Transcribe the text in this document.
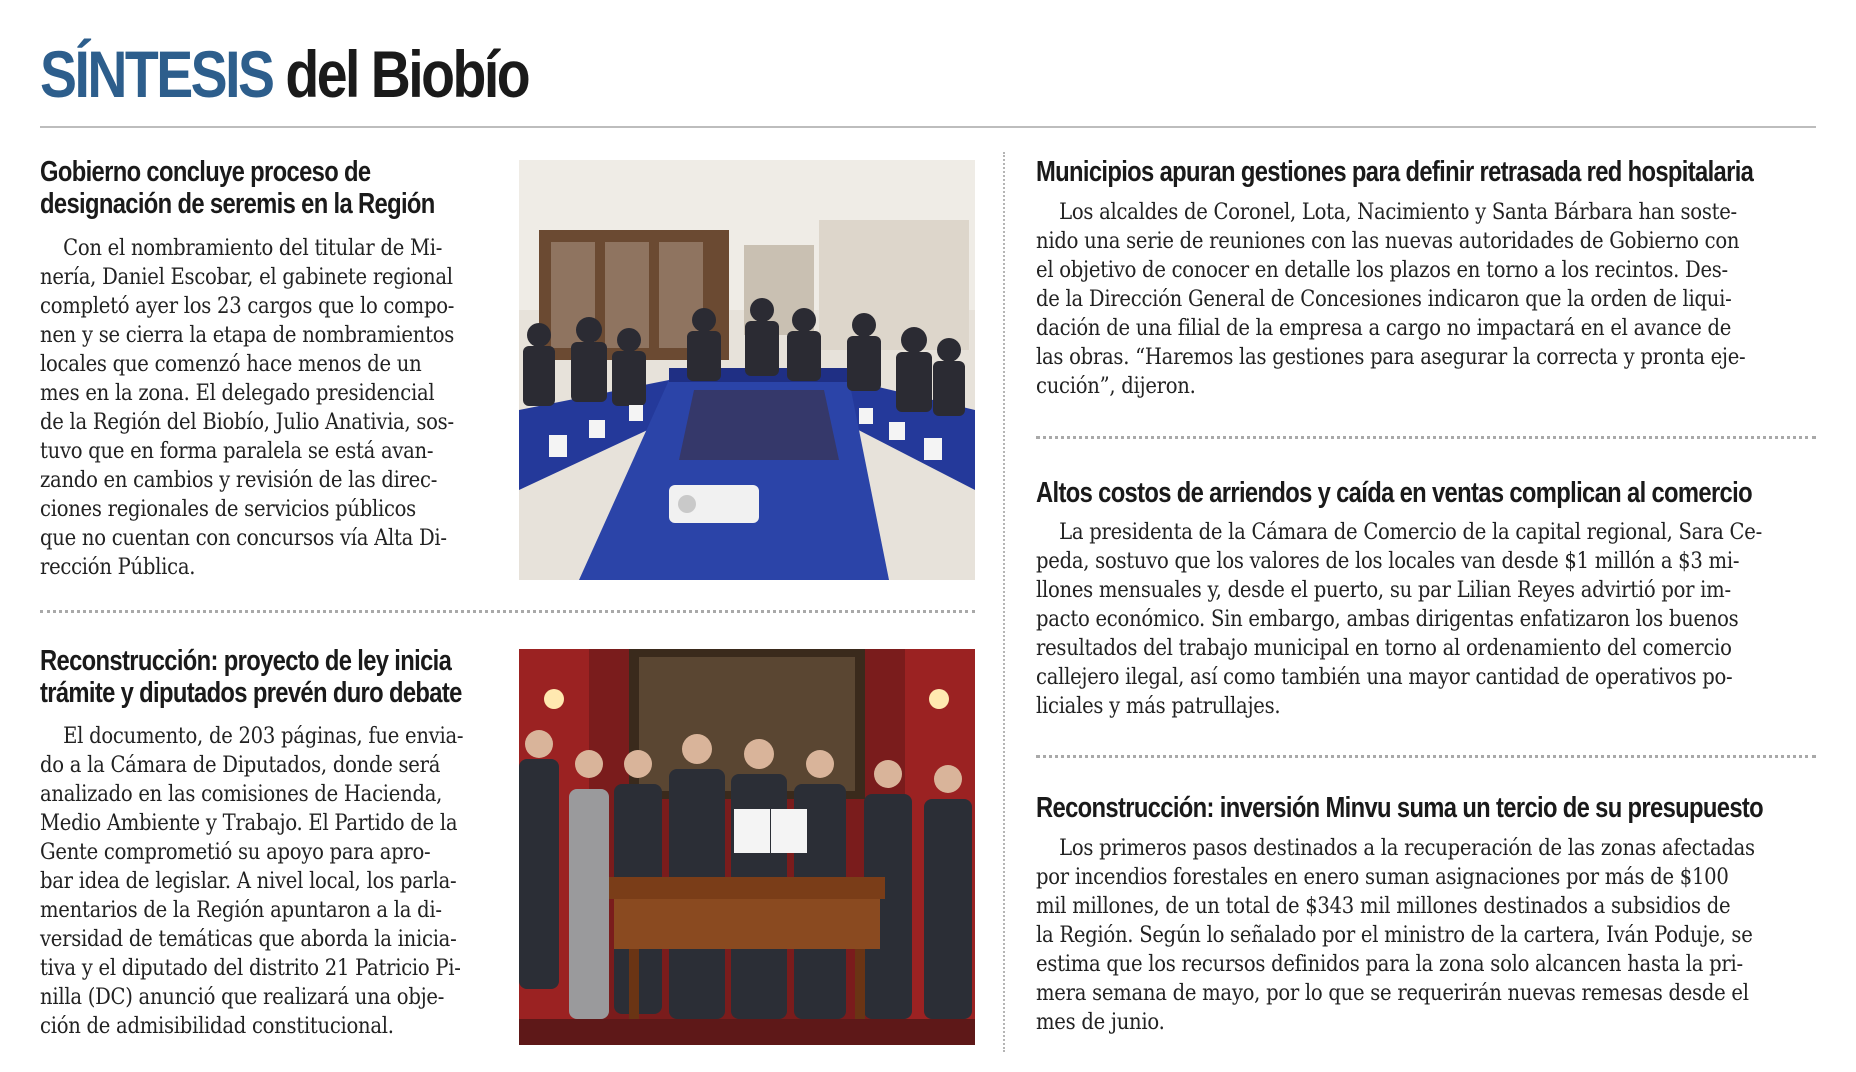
SÍNTESIS del Biobío
Gobierno concluye proceso de
designación de seremis en la Región
Con el nombramiento del titular de Mi-
nería, Daniel Escobar, el gabinete regional
completó ayer los 23 cargos que lo compo-
nen y se cierra la etapa de nombramientos
locales que comenzó hace menos de un
mes en la zona. El delegado presidencial
de la Región del Biobío, Julio Anativia, sos-
tuvo que en forma paralela se está avan-
zando en cambios y revisión de las direc-
ciones regionales de servicios públicos
que no cuentan con concursos vía Alta Di-
rección Pública.
Reconstrucción: proyecto de ley inicia
trámite y diputados prevén duro debate
El documento, de 203 páginas, fue envia-
do a la Cámara de Diputados, donde será
analizado en las comisiones de Hacienda,
Medio Ambiente y Trabajo. El Partido de la
Gente comprometió su apoyo para apro-
bar idea de legislar. A nivel local, los parla-
mentarios de la Región apuntaron a la di-
versidad de temáticas que aborda la inicia-
tiva y el diputado del distrito 21 Patricio Pi-
nilla (DC) anunció que realizará una obje-
ción de admisibilidad constitucional.
Municipios apuran gestiones para definir retrasada red hospitalaria
Los alcaldes de Coronel, Lota, Nacimiento y Santa Bárbara han soste-
nido una serie de reuniones con las nuevas autoridades de Gobierno con
el objetivo de conocer en detalle los plazos en torno a los recintos. Des-
de la Dirección General de Concesiones indicaron que la orden de liqui-
dación de una filial de la empresa a cargo no impactará en el avance de
las obras. “Haremos las gestiones para asegurar la correcta y pronta eje-
cución”, dijeron.
Altos costos de arriendos y caída en ventas complican al comercio
La presidenta de la Cámara de Comercio de la capital regional, Sara Ce-
peda, sostuvo que los valores de los locales van desde $1 millón a $3 mi-
llones mensuales y, desde el puerto, su par Lilian Reyes advirtió por im-
pacto económico. Sin embargo, ambas dirigentas enfatizaron los buenos
resultados del trabajo municipal en torno al ordenamiento del comercio
callejero ilegal, así como también una mayor cantidad de operativos po-
liciales y más patrullajes.
Reconstrucción: inversión Minvu suma un tercio de su presupuesto
Los primeros pasos destinados a la recuperación de las zonas afectadas
por incendios forestales en enero suman asignaciones por más de $100
mil millones, de un total de $343 mil millones destinados a subsidios de
la Región. Según lo señalado por el ministro de la cartera, Iván Poduje, se
estima que los recursos definidos para la zona solo alcancen hasta la pri-
mera semana de mayo, por lo que se requerirán nuevas remesas desde el
mes de junio.
